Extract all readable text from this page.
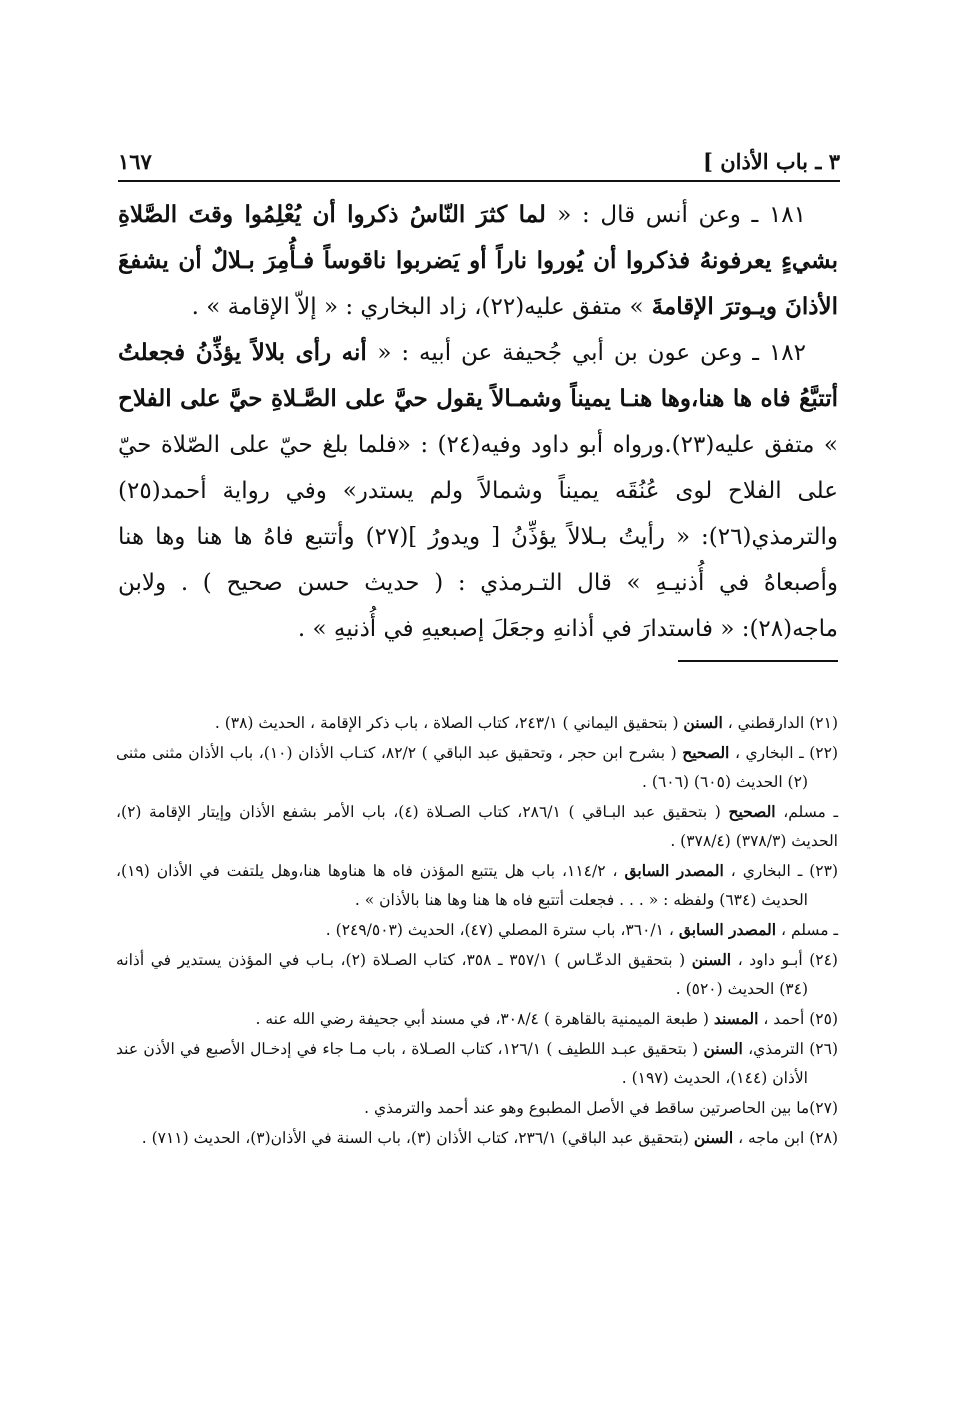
٣ ـ باب الأذان ]
١٦٧

١٨١ ـ وعن أنس قال : « لما كثرَ النّاسُ ذكروا أن يُعْلِمُوا وقتَ الصَّلاةِ بشيءٍ يعرفونهُ فذكروا أن يُوروا ناراً أو يَضربوا ناقوساً فـأُمِرَ بـلالٌ أن يشفعَ الأذانَ ويـوترَ الإقامةَ » متفق عليه(٢٢)، زاد البخاري : « إلاّ الإقامة » .

١٨٢ ـ وعن عون بن أبي جُحيفة عن أبيه : « أنه رأى بلالاً يؤذِّنُ فجعلتُ أتتبَّعُ فاه ها هنا،وها هنـا يميناً وشمـالاً يقول حيَّ على الصَّـلاةِ حيَّ على الفلاح » متفق عليه(٢٣).ورواه أبو داود وفيه(٢٤) : «فلما بلغ حيّ على الصّلاة حيّ على الفلاح لوى عُنُقَه يميناً وشمالاً ولم يستدر» وفي رواية أحمد(٢٥) والترمذي(٢٦): « رأيتُ بـلالاً يؤذِّنُ [ ويدورُ ](٢٧) وأتتبع فاهُ ها هنا وها هنا وأصبعاهُ في أُذنيـهِ » قال التـرمذي : ( حديث حسن صحيح ) . ولابن ماجه(٢٨): « فاستدارَ في أذانهِ وجعَلَ إصبعيهِ في أُذنيهِ » .

(٢١) الدارقطني ، السنن ( بتحقيق اليماني ) ٢٤٣/١، كتاب الصلاة ، باب ذكر الإقامة ، الحديث (٣٨) .

(٢٢) ـ البخاري ، الصحيح ( بشرح ابن حجر ، وتحقيق عبد الباقي ) ٨٢/٢، كتـاب الأذان (١٠)، باب الأذان مثنى مثنى (٢) الحديث (٦٠٥) (٦٠٦) .

ـ مسلم، الصحيح ( بتحقيق عبد البـاقي ) ٢٨٦/١، كتاب الصـلاة (٤)، باب الأمر بشفع الأذان وإيتار الإقامة (٢)، الحديث (٣٧٨/٣) (٣٧٨/٤) .

(٢٣) ـ البخاري ، المصدر السابق ، ١١٤/٢، باب هل يتتبع المؤذن فاه ها هناوها هنا،وهل يلتفت في الأذان (١٩)، الحديث (٦٣٤) ولفظه : « . . . فجعلت أتتبع فاه ها هنا وها هنا بالأذان » .

ـ مسلم ، المصدر السابق ، ٣٦٠/١، باب سترة المصلي (٤٧)، الحديث (٢٤٩/٥٠٣) .

(٢٤) أبـو داود ، السنن ( بتحقيق الدعّـاس ) ٣٥٧/١ ـ ٣٥٨، كتاب الصـلاة (٢)، بـاب في المؤذن يستدير في أذانه (٣٤) الحديث (٥٢٠) .

(٢٥) أحمد ، المسند ( طبعة الميمنية بالقاهرة ) ٣٠٨/٤، في مسند أبي جحيفة رضي الله عنه .

(٢٦) الترمذي، السنن ( بتحقيق عبـد اللطيف ) ١٢٦/١، كتاب الصـلاة ، باب مـا جاء في إدخـال الأصبع في الأذن عند الأذان (١٤٤)، الحديث (١٩٧) .

(٢٧)ما بين الحاصرتين ساقط في الأصل المطبوع وهو عند أحمد والترمذي .

(٢٨) ابن ماجه ، السنن (بتحقيق عبد الباقي) ٢٣٦/١، كتاب الأذان (٣)، باب السنة في الأذان(٣)، الحديث (٧١١) .
